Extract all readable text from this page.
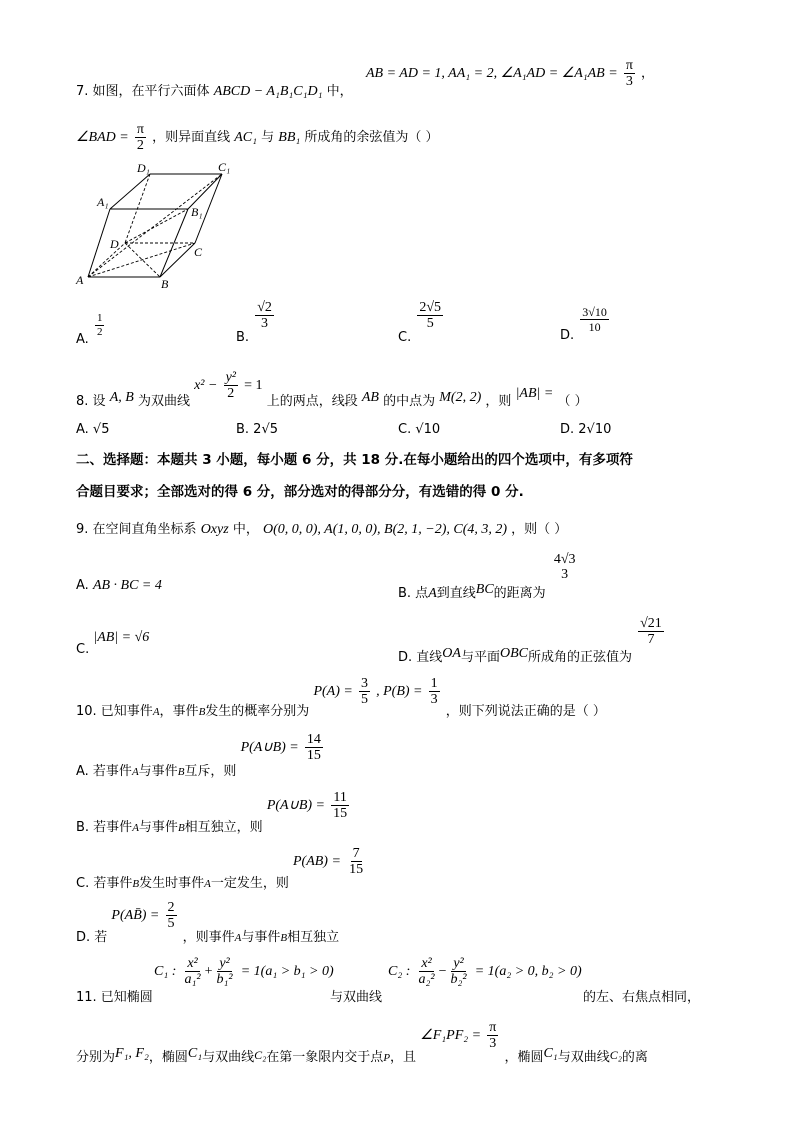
7. 如图，在平行六面体 ABCD − A₁B₁C₁D₁ 中，
AB = AD = 1, AA₁ = 2, ∠A₁AD = ∠A₁AB = $\frac{\pi}{3}$ ，
∠BAD = $\frac{\pi}{2}$ ，则异面直线 AC₁ 与 BB₁ 所成角的余弦值为（ ）
D₁	C₁
A₁
B₁
D
C
A	B
A.
$\frac{1}{2}$	B.
$\frac{√2}{3}$
C.
$\frac{2√5}{5}$
D.
$\frac{3√10}{10}$
8. 设 A, B 为双曲线 $x^2 - \frac{\text{y²}}{2} = 1$ 上的两点，线段 AB 的中点为 M(2, 2) ，则 |AB| = （ ）
A. √5	B. 2√5	C. √10	D. 2√10
二、选择题：本题共 3 小题，每小题 6 分，共 18 分.在每小题给出的四个选项中，有多项符
合题目要求；全部选对的得 6 分，部分选对的得部分分，有选错的得 0 分.
9. 在空间直角坐标系 Oxyz 中， O(0, 0, 0), A(1, 0, 0), B(2, 1, −2), C(4, 3, 2) ，则（ ）
A. AB · BC = 4	B. 点A到直线BC的距离为
4√3
3
C. |AB| = √6
D. 直线OA与平面OBC所成角的正弦值为
$\frac{√21}{7}$
10. 已知事件$_A$，事件$_B$发生的概率分别为 $P(A) = \frac{3}{5}$ , $P(B) = \frac{1}{3}$
，则下列说法正确的是（ ）
A. 若事件$_A$与事件$_B$互斥，则 P(A∪B) = $\frac{14}{15}$
B. 若事件$_A$与事件$_B$相互独立，则 P(A∪B) = $\frac{11}{15}$
C. 若事件$_B$发生时事件$_A$一定发生，则 $P(AB) = \frac{7}{15}$
D. 若 P(AB̄) = $\frac{2}{5}$
，则事件$_A$与事件$_B$相互独立
11. 已知椭圆
C₁ : $\frac{\text{x²}}{\text{a₁²}} + \frac{\text{y²}}{\text{b₁²}} = 1(a_1 > b_1 > 0)$
与双曲线
C₂ : $\frac{\text{x²}}{\text{a₂²}} - \frac{\text{y²}}{\text{b₂²}} = 1(a_2 > 0$, b₂ > 0)
的左、右焦点相同，
分别为F₁, F₂，椭圆C₁与双曲线C₂在第一象限内交于点$_P$，且 ∠F₁PF₂ = $\frac{\pi}{3}$
，椭圆C₁与双曲线C₂的离
